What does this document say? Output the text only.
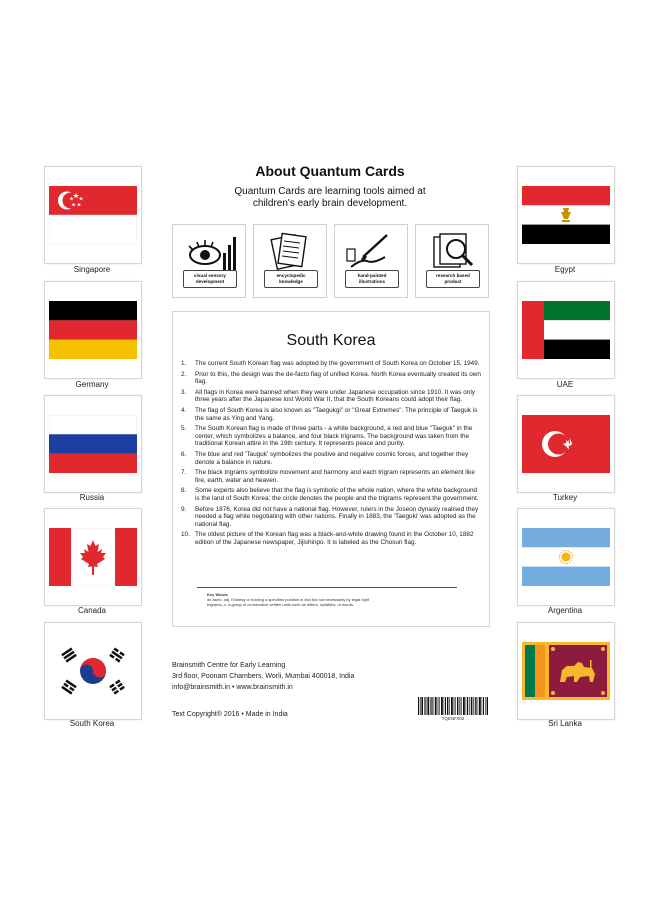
Singapore
Germany
Russia
Canada
South Korea
Egypt
UAE
Turkey
Argentina
Sri Lanka
About Quantum Cards
Quantum Cards are learning tools aimed at children's early brain development.
visual sensory development
encyclopedic knowledge
hand-painted illustrations
research based product
South Korea
1.	The current South Korean flag was adopted by the government of South Korea on October 15, 1949.
2.	Prior to this, the design was the de-facto flag of unified Korea. North Korea eventually created its own flag.
3.	All flags in Korea were banned when they were under Japanese occupation since 1910. It was only three years after the Japanese lost World War II, that the South Koreans could adopt their flag.
4.	The flag of South Korea is also known as "Taegukgi" or "Great Extremes". The principle of Taeguk is the same as Ying and Yang.
5.	The South Korean flag is made of three parts - a white background, a red and blue "Taeguk" in the center, which symbolizes a balance, and four black trigrams. The background was taken from the traditional Korean attire in the 19th century. It represents peace and purity.
6.	The blue and red 'Tauguk' symbolizes the positive and negative cosmic forces, and together they denote a balance in nature.
7.	The black trigrams symbolize movement and harmony and each trigram represents an element like fire, earth, water and heaven.
8.	Some experts also believe that the flag is symbolic of the whole nation, where the white background is the land of South Korea; the circle denotes the people and the trigrams represent the government.
9.	Before 1876, Korea did not have a national flag. However, rulers in the Joseon dynasty realised they needed a flag while negotiating with other nations. Finally in 1883, the 'Taeguki' was adopted as the national flag.
10. The oldest picture of the Korean flag was a black-and-white drawing found in the October 10, 1882 edition of the Japanese newspaper, Jijishinpo. It is labeled as the Chosun flag.
Key Words
de-facto, adj. Existing or holding a specified position in fact but not necessarily by legal right
trigrams, n. A group of consecutive written units such as letters, syllables, or words.
Brainsmith Centre for Early Learning
3rd floor, Poonam Chambers, Worli, Mumbai 400018, India
info@brainsmith.in • www.brainsmith.in
Text Copyright® 2016 • Made in India
TQENF002
